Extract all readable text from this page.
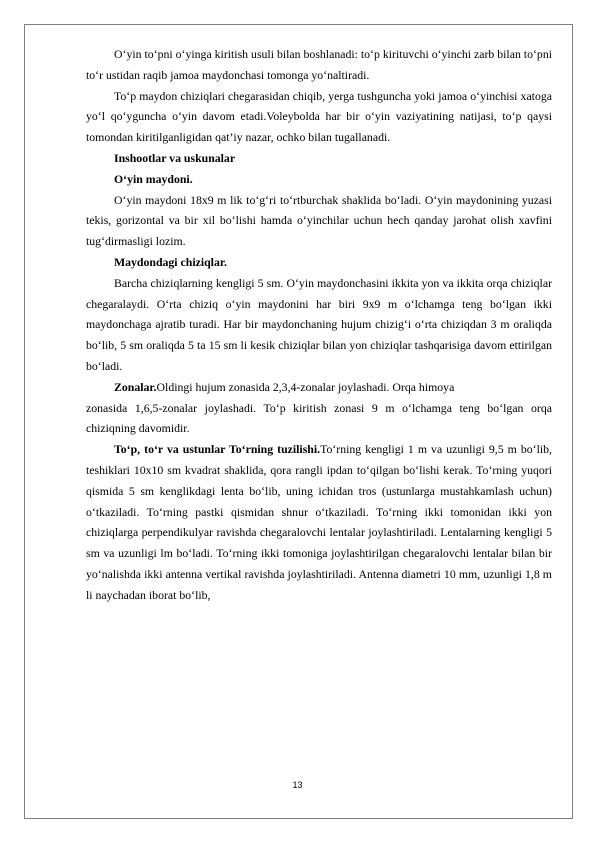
O‘yin to‘pni o‘yinga kiritish usuli bilan boshlanadi: to‘p kirituvchi o‘yinchi zarb bilan to‘pni to‘r ustidan raqib jamoa maydonchasi tomonga yo‘naltiradi.

To‘p maydon chiziqlari chegarasidan chiqib, yerga tushguncha yoki jamoa o‘yinchisi xatoga yo‘l qo‘yguncha o‘yin davom etadi.Voleybolda har bir o‘yin vaziyatining natijasi, to‘p qaysi tomondan kiritilganligidan qat’iy nazar, ochko bilan tugallanadi.

Inshootlar va uskunalar

O‘yin maydoni.

O‘yin maydoni 18x9 m lik to‘g‘ri to‘rtburchak shaklida bo‘ladi. O‘yin maydonining yuzasi tekis, gorizontal va bir xil bo‘lishi hamda o‘yinchilar uchun hech qanday jarohat olish xavfini tug‘dirmasligi lozim.

Maydondagi chiziqlar.

Barcha chiziqlarning kengligi 5 sm. O‘yin maydonchasini ikkita yon va ikkita orqa chiziqlar chegaralaydi. O‘rta chiziq o‘yin maydonini har biri 9x9 m o‘lchamga teng bo‘lgan ikki maydonchaga ajratib turadi. Har bir maydonchaning hujum chizig‘i o‘rta chiziqdan 3 m oraliqda bo‘lib, 5 sm oraliqda 5 ta 15 sm li kesik chiziqlar bilan yon chiziqlar tashqarisiga davom ettirilgan bo‘ladi.

Zonalar.Oldingi hujum zonasida 2,3,4-zonalar joylashadi. Orqa himoya

zonasida 1,6,5-zonalar joylashadi. To‘p kiritish zonasi 9 m o‘lchamga teng bo‘lgan orqa chiziqning davomidir.

To‘p, to‘r va ustunlar To‘rning tuzilishi.To‘rning kengligi 1 m va uzunligi 9,5 m bo‘lib, teshiklari 10x10 sm kvadrat shaklida, qora rangli ipdan to‘qilgan bo‘lishi kerak. To‘rning yuqori qismida 5 sm kenglikdagi lenta bo‘lib, uning ichidan tros (ustunlarga mustahkamlash uchun) o‘tkaziladi. To‘rning pastki qismidan shnur o‘tkaziladi. To‘rning ikki tomonidan ikki yon chiziqlarga perpendikulyar ravishda chegaralovchi lentalar joylashtiriladi. Lentalarning kengligi 5 sm va uzunligi lm bo‘ladi. To‘rning ikki tomoniga joylashtirilgan chegaralovchi lentalar bilan bir yo‘nalishda ikki antenna vertikal ravishda joylashtiriladi. Antenna diametri 10 mm, uzunligi 1,8 m li naychadan iborat bo‘lib,

13
